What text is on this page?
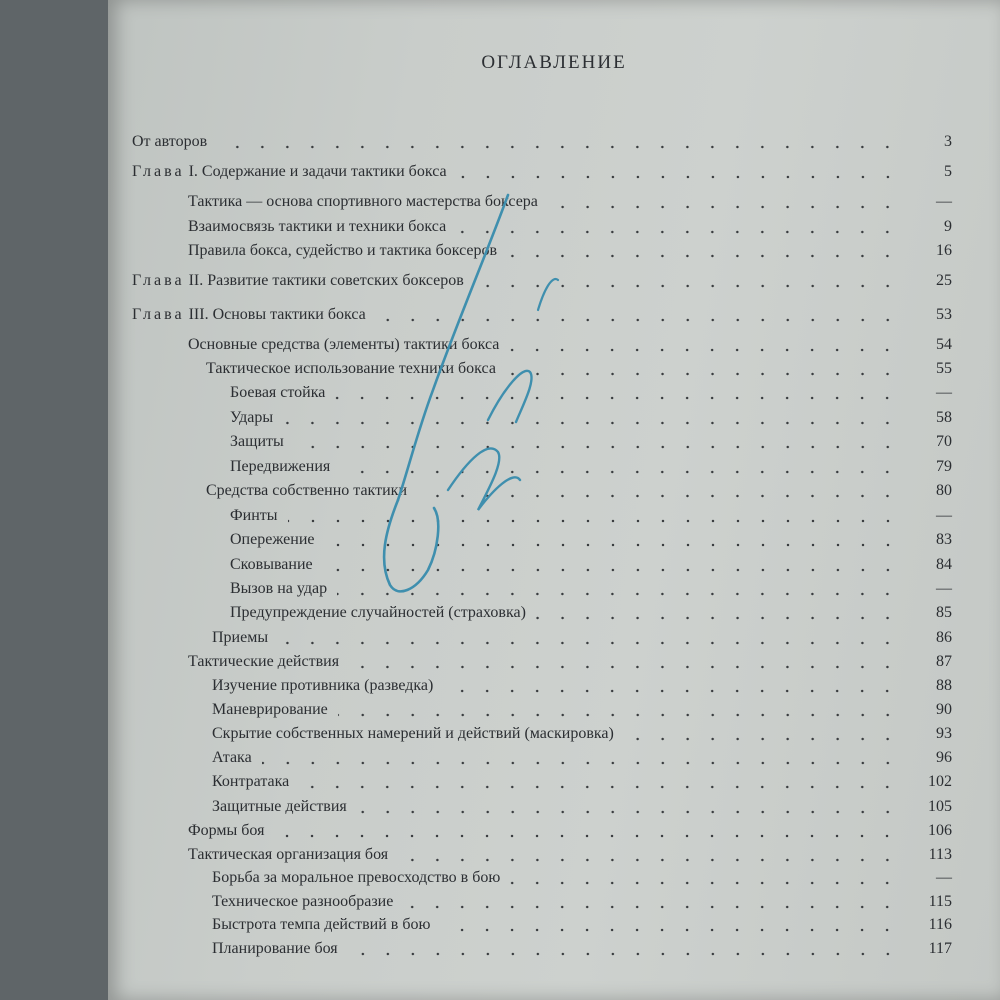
ОГЛАВЛЕНИЕ
От авторов	3
Глава I. Содержание и задачи тактики бокса	5
Тактика — основа спортивного мастерства боксера	—
Взаимосвязь тактики и техники бокса	9
Правила бокса, судейство и тактика боксеров	16
Глава II. Развитие тактики советских боксеров	25
Глава III. Основы тактики бокса	53
Основные средства (элементы) тактики бокса	54
Тактическое использование техники бокса	55
Боевая стойка	—
Удары	58
Защиты	70
Передвижения	79
Средства собственно тактики	80
Финты	—
Опережение	83
Сковывание	84
Вызов на удар	—
Предупреждение случайностей (страховка)	85
Приемы	86
Тактические действия	87
Изучение противника (разведка)	88
Маневрирование	90
Скрытие собственных намерений и действий (маскировка)	93
Атака	96
Контратака	102
Защитные действия	105
Формы боя	106
Тактическая организация боя	113
Борьба за моральное превосходство в бою	—
Техническое разнообразие	115
Быстрота темпа действий в бою	116
Планирование боя	117
